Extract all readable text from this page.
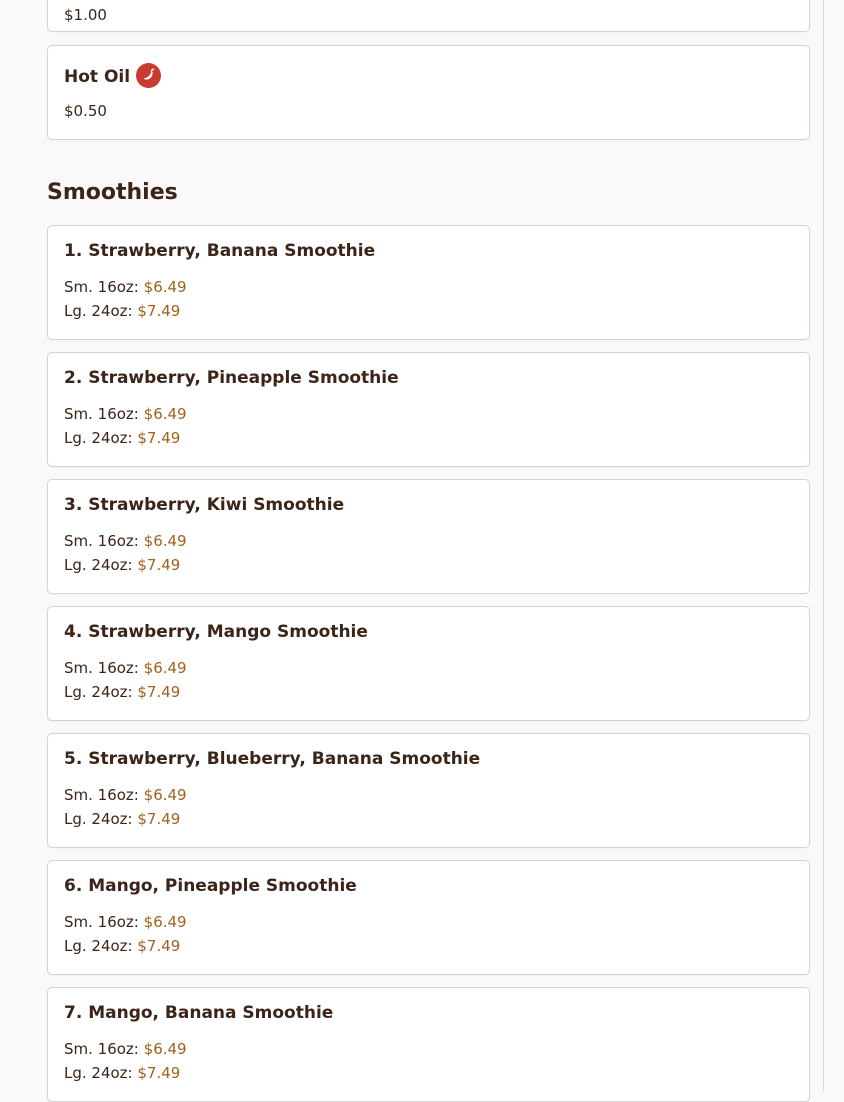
$1.00
Hot Oil
$0.50
Smoothies
1. Strawberry, Banana Smoothie
Sm. 16oz: $6.49
Lg. 24oz: $7.49
2. Strawberry, Pineapple Smoothie
Sm. 16oz: $6.49
Lg. 24oz: $7.49
3. Strawberry, Kiwi Smoothie
Sm. 16oz: $6.49
Lg. 24oz: $7.49
4. Strawberry, Mango Smoothie
Sm. 16oz: $6.49
Lg. 24oz: $7.49
5. Strawberry, Blueberry, Banana Smoothie
Sm. 16oz: $6.49
Lg. 24oz: $7.49
6. Mango, Pineapple Smoothie
Sm. 16oz: $6.49
Lg. 24oz: $7.49
7. Mango, Banana Smoothie
Sm. 16oz: $6.49
Lg. 24oz: $7.49
